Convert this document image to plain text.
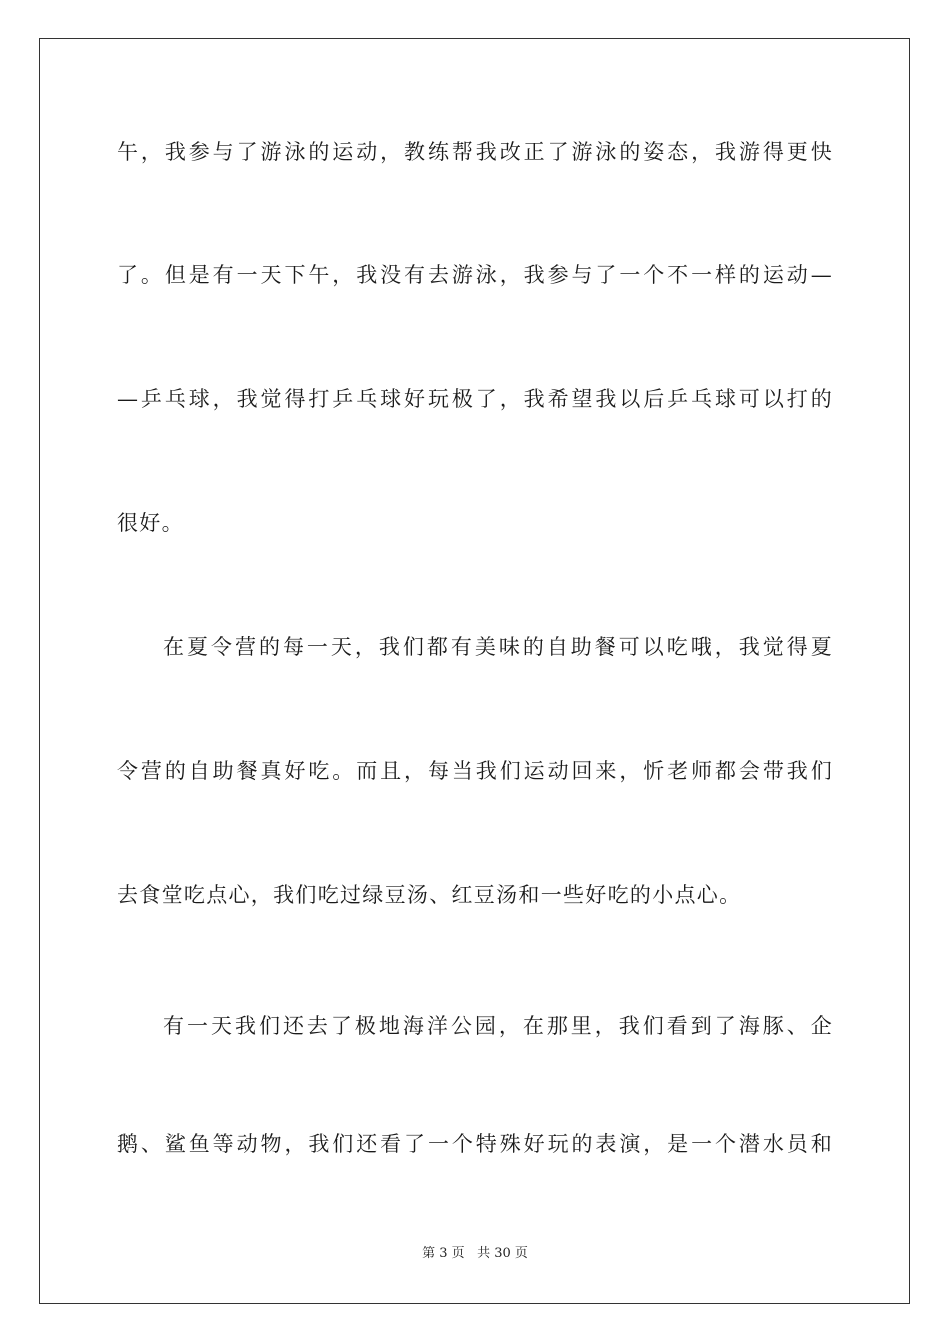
午，我参与了游泳的运动，教练帮我改正了游泳的姿态，我游得更快
了。但是有一天下午，我没有去游泳，我参与了一个不一样的运动—
—乒乓球，我觉得打乒乓球好玩极了，我希望我以后乒乓球可以打的
很好。
在夏令营的每一天，我们都有美味的自助餐可以吃哦，我觉得夏
令营的自助餐真好吃。而且，每当我们运动回来，忻老师都会带我们
去食堂吃点心，我们吃过绿豆汤、红豆汤和一些好吃的小点心。
有一天我们还去了极地海洋公园，在那里，我们看到了海豚、企
鹅、鲨鱼等动物，我们还看了一个特殊好玩的表演，是一个潜水员和
第 3 页 共 30 页
